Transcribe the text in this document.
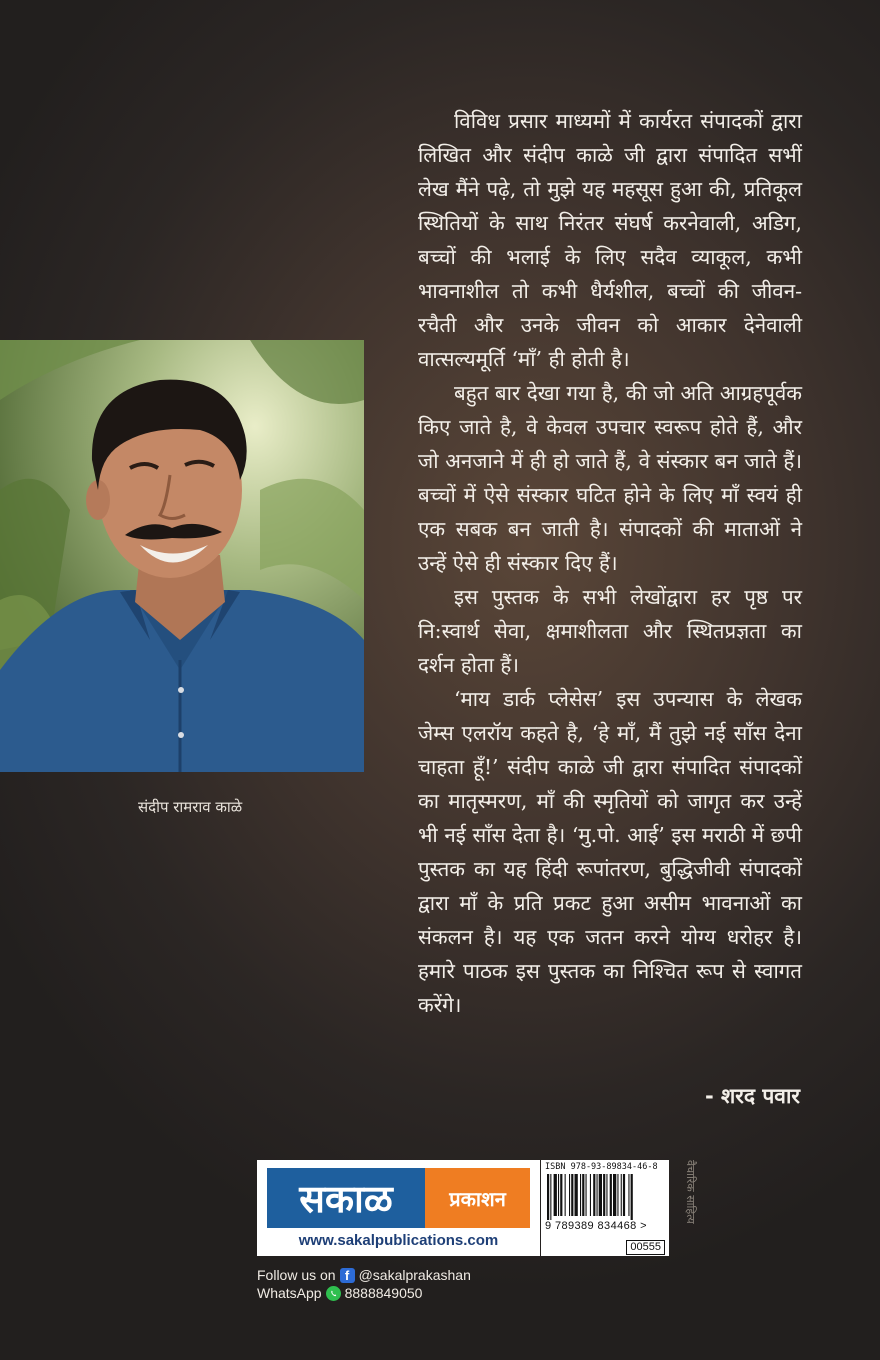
विविध प्रसार माध्यमों में कार्यरत संपादकों द्वारा लिखित और संदीप काळे जी द्वारा संपादित सभीं लेख मैंने पढ़े, तो मुझे यह महसूस हुआ की, प्रतिकूल स्थितियों के साथ निरंतर संघर्ष करनेवाली, अडिग, बच्चों की भलाई के लिए सदैव व्याकूल, कभी भावनाशील तो कभी धैर्यशील, बच्चों की जीवन-रचैती और उनके जीवन को आकार देनेवाली वात्सल्यमूर्ति ‘माँ’ ही होती है।

बहुत बार देखा गया है, की जो अति आग्रहपूर्वक किए जाते है, वे केवल उपचार स्वरूप होते हैं, और जो अनजाने में ही हो जाते हैं, वे संस्कार बन जाते हैं। बच्चों में ऐसे संस्कार घटित होने के लिए माँ स्वयं ही एक सबक बन जाती है। संपादकों की माताओं ने उन्हें ऐसे ही संस्कार दिए हैं।

इस पुस्तक के सभी लेखोंद्वारा हर पृष्ठ पर नि:स्वार्थ सेवा, क्षमाशीलता और स्थितप्रज्ञता का दर्शन होता हैं।

‘माय डार्क प्लेसेस’ इस उपन्यास के लेखक जेम्स एलरॉय कहते है, ‘हे माँ, मैं तुझे नई साँस देना चाहता हूँ!’ संदीप काळे जी द्वारा संपादित संपादकों का मातृस्मरण, माँ की स्मृतियों को जागृत कर उन्हें भी नई साँस देता है। ‘मु.पो. आई’ इस मराठी में छपी पुस्तक का यह हिंदी रूपांतरण, बुद्धिजीवी संपादकों द्वारा माँ के प्रति प्रकट हुआ असीम भावनाओं का संकलन है। यह एक जतन करने योग्य धरोहर है। हमारे पाठक इस पुस्तक का निश्चित रूप से स्वागत करेंगे।

- शरद पवार
संदीप रामराव काळे
सकाळ	प्रकाशन
www.sakalpublications.com
ISBN 978-93-89834-46-8
9 789389 834468 >
00555
वैचारिक साहित्य
Follow us on f @sakalprakashan
WhatsApp 8888849050
